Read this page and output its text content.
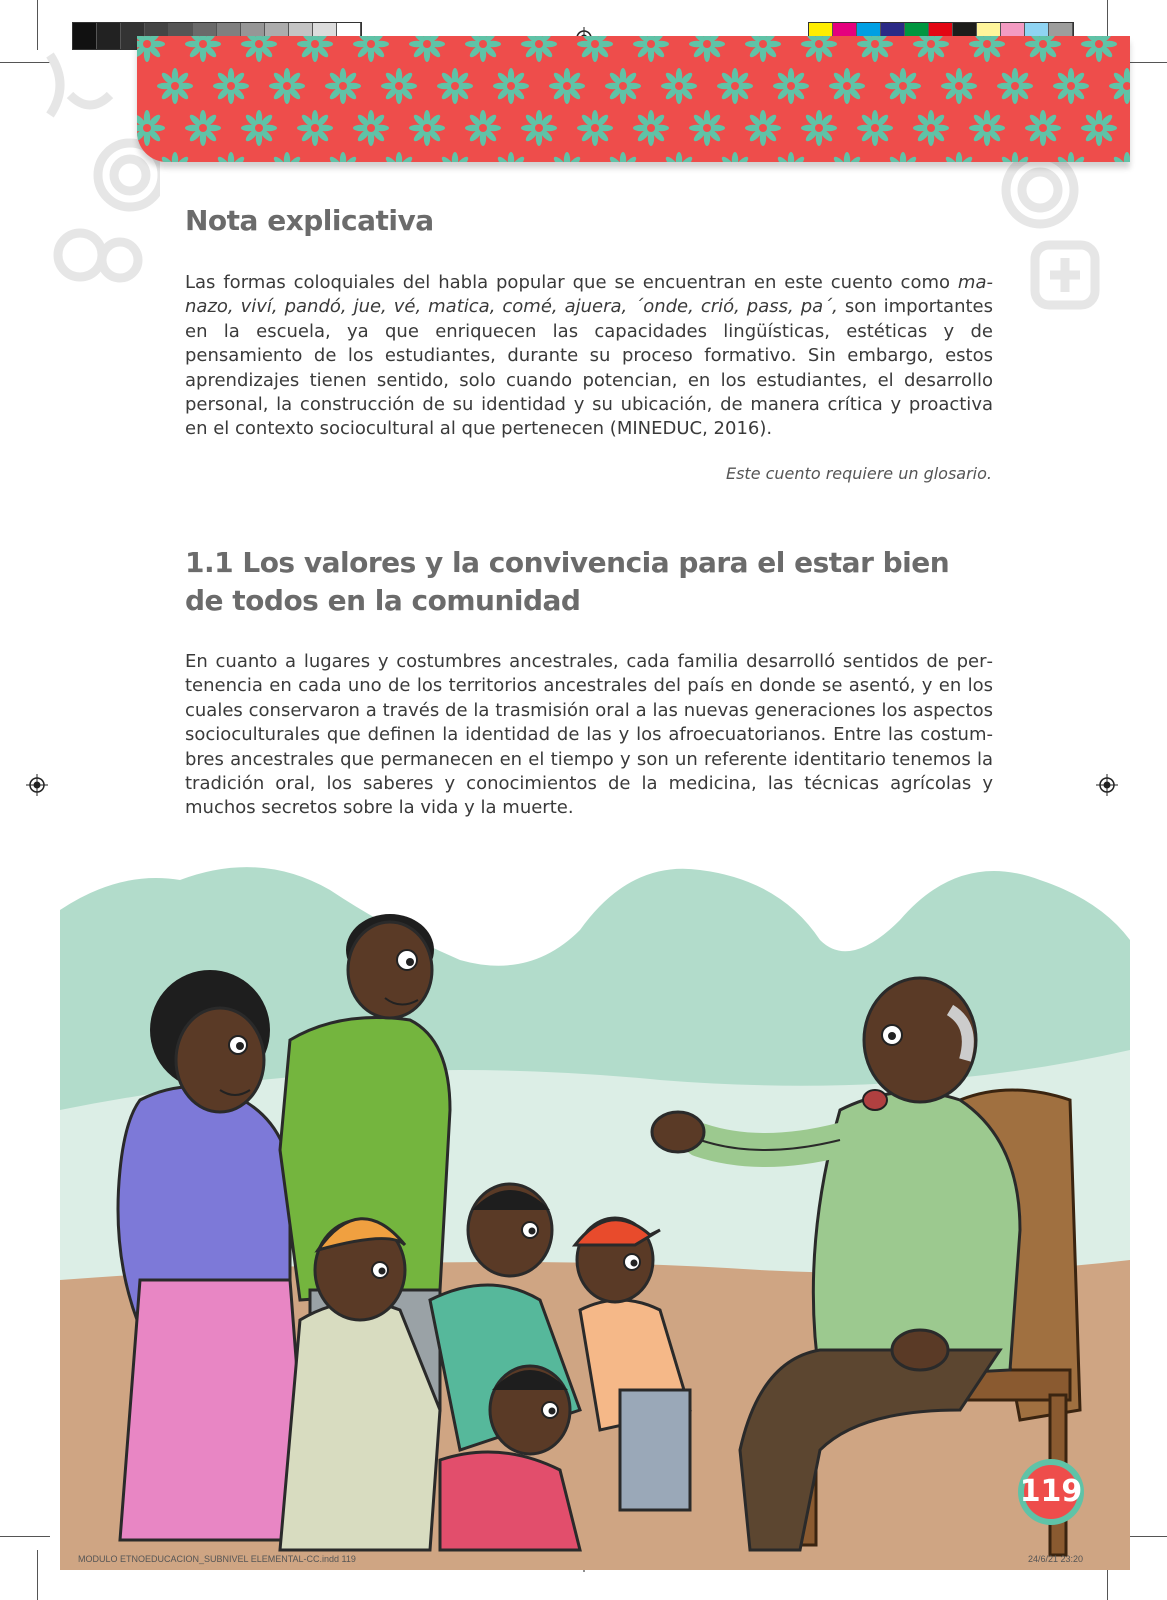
Nota explicativa

Las formas coloquiales del habla popular que se encuentran en este cuento como manazo, viví, pandó, jue, vé, matica, comé, ajuera, ´onde, crió, pass, pa´, son importantes en la escuela, ya que enriquecen las capacidades lingüísticas, estéticas y de pensamiento de los estudiantes, durante su proceso formativo. Sin embargo, estos aprendizajes tienen sentido, solo cuando potencian, en los estudiantes, el desarrollo personal, la construcción de su identidad y su ubicación, de manera crítica y proactiva en el contexto sociocultural al que pertenecen (MINEDUC, 2016).

Este cuento requiere un glosario.

1.1 Los valores y la convivencia para el estar bien de todos en la comunidad

En cuanto a lugares y costumbres ancestrales, cada familia desarrolló sentidos de pertenencia en cada uno de los territorios ancestrales del país en donde se asentó, y en los cuales conservaron a través de la trasmisión oral a las nuevas generaciones los aspectos socioculturales que definen la identidad de las y los afroecuatorianos. Entre las costumbres ancestrales que permanecen en el tiempo y son un referente identitario tenemos la tradición oral, los saberes y conocimientos de la medicina, las técnicas agrícolas y muchos secretos sobre la vida y la muerte.

119
MODULO ETNOEDUCACION_SUBNIVEL ELEMENTAL-CC.indd 119	24/6/21 23:20
